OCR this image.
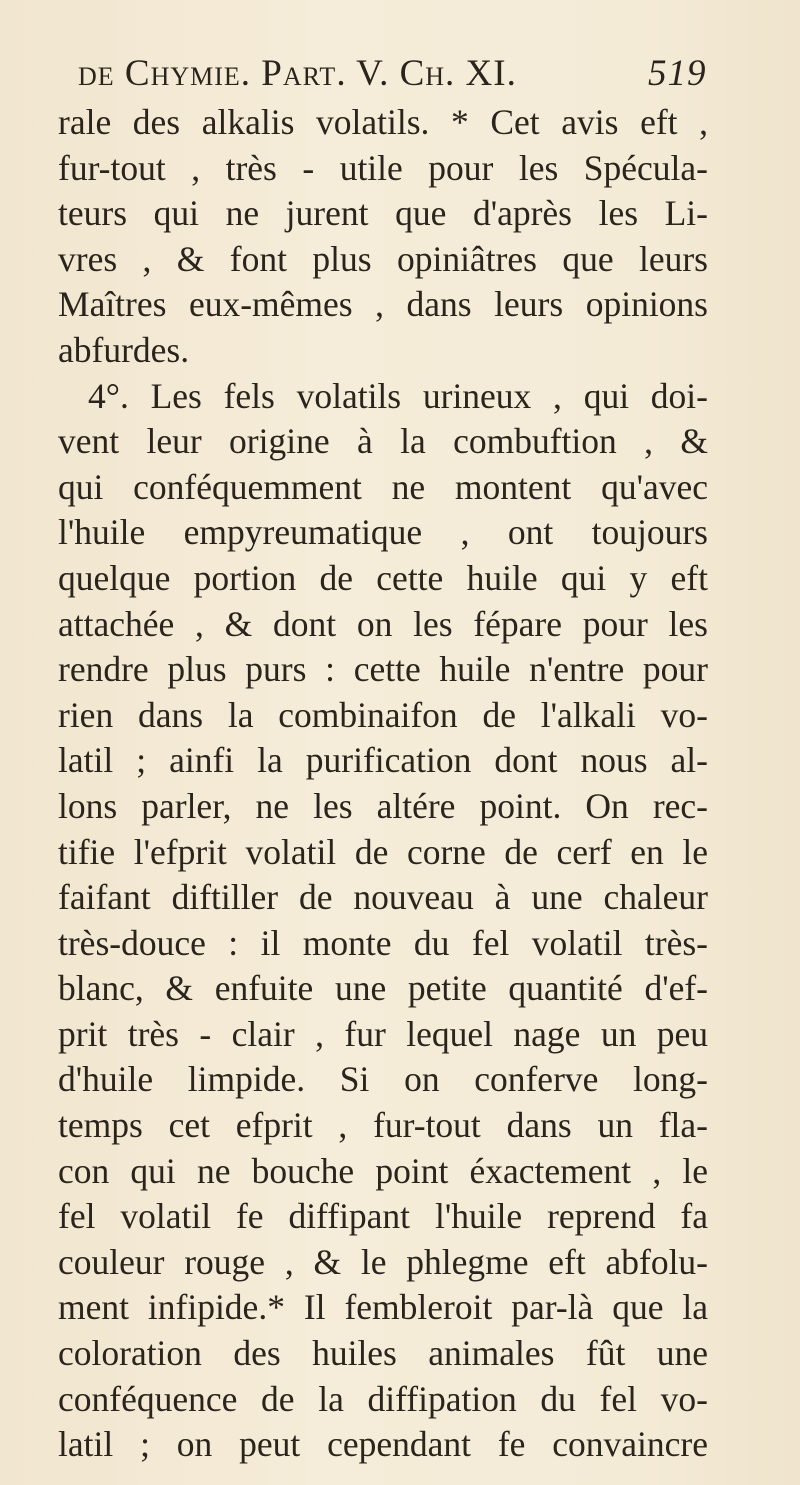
de Chymie. Part. V. Ch. XI.	519
rale des alkalis volatils. * Cet avis eft ,
fur-tout , très - utile pour les Spécula-
teurs qui ne jurent que d'après les Li-
vres , & font plus opiniâtres que leurs
Maîtres eux-mêmes , dans leurs opinions
abfurdes.
4°. Les fels volatils urineux , qui doi-
vent leur origine à la combuftion , &
qui conféquemment ne montent qu'avec
l'huile empyreumatique , ont toujours
quelque portion de cette huile qui y eft
attachée , & dont on les fépare pour les
rendre plus purs : cette huile n'entre pour
rien dans la combinaifon de l'alkali vo-
latil ; ainfi la purification dont nous al-
lons parler, ne les altére point. On rec-
tifie l'efprit volatil de corne de cerf en le
faifant diftiller de nouveau à une chaleur
très-douce : il monte du fel volatil très-
blanc, & enfuite une petite quantité d'ef-
prit très - clair , fur lequel nage un peu
d'huile limpide. Si on conferve long-
temps cet efprit , fur-tout dans un fla-
con qui ne bouche point éxactement , le
fel volatil fe diffipant l'huile reprend fa
couleur rouge , & le phlegme eft abfolu-
ment infipide.* Il fembleroit par-là que la
coloration des huiles animales fût une
conféquence de la diffipation du fel vo-
latil ; on peut cependant fe convaincre
